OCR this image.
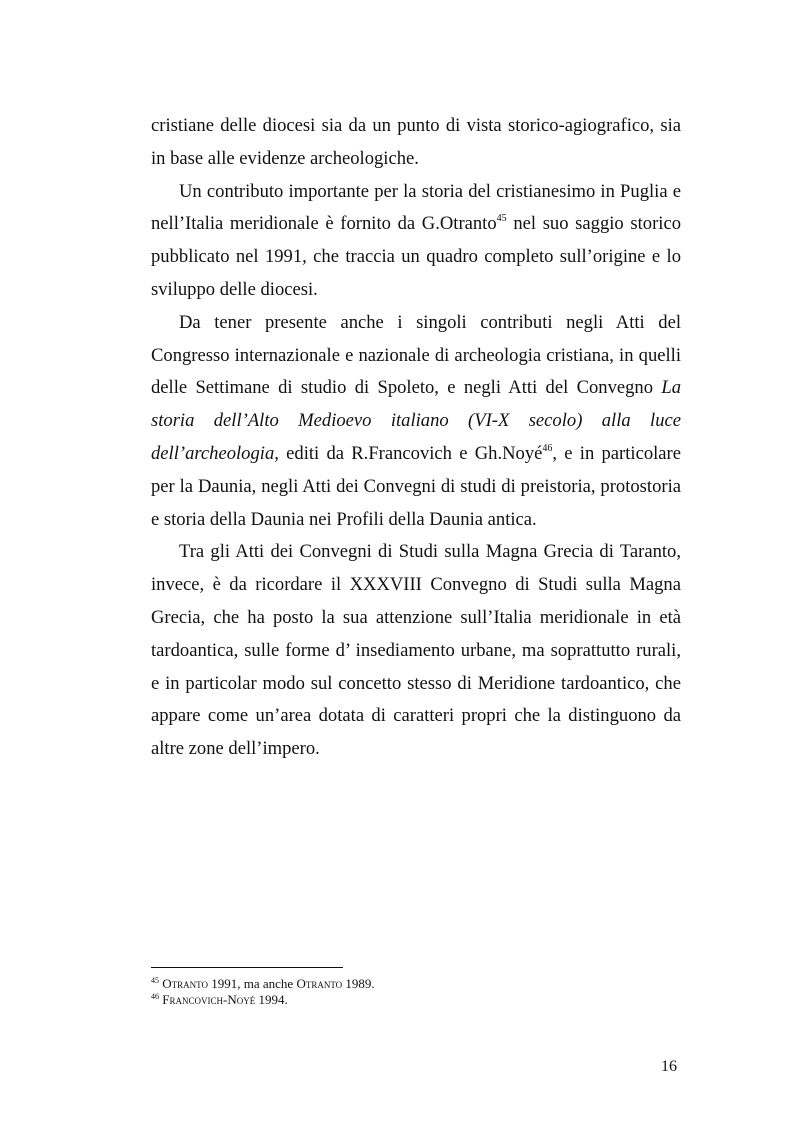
cristiane delle diocesi sia da un punto di vista storico-agiografico, sia in base alle evidenze archeologiche.

Un contributo importante per la storia del cristianesimo in Puglia e nell’Italia meridionale è fornito da G.Otranto$^{45}$ nel suo saggio storico pubblicato nel 1991, che traccia un quadro completo sull’origine e lo sviluppo delle diocesi.

Da tener presente anche i singoli contributi negli Atti del Congresso internazionale e nazionale di archeologia cristiana, in quelli delle Settimane di studio di Spoleto, e negli Atti del Convegno La storia dell’Alto Medioevo italiano (VI-X secolo) alla luce dell’archeologia, editi da R.Francovich e Gh.Noyé$^{46}$, e in particolare per la Daunia, negli Atti dei Convegni di studi di preistoria, protostoria e storia della Daunia nei Profili della Daunia antica.

Tra gli Atti dei Convegni di Studi sulla Magna Grecia di Taranto, invece, è da ricordare il XXXVIII Convegno di Studi sulla Magna Grecia, che ha posto la sua attenzione sull’Italia meridionale in età tardoantica, sulle forme d’ insediamento urbane, ma soprattutto rurali, e in particolar modo sul concetto stesso di Meridione tardoantico, che appare come un’area dotata di caratteri propri che la distinguono da altre zone dell’impero.

$^{45}$ Otranto 1991, ma anche Otranto 1989.
$^{46}$ Francovich-Noyé 1994.
16
